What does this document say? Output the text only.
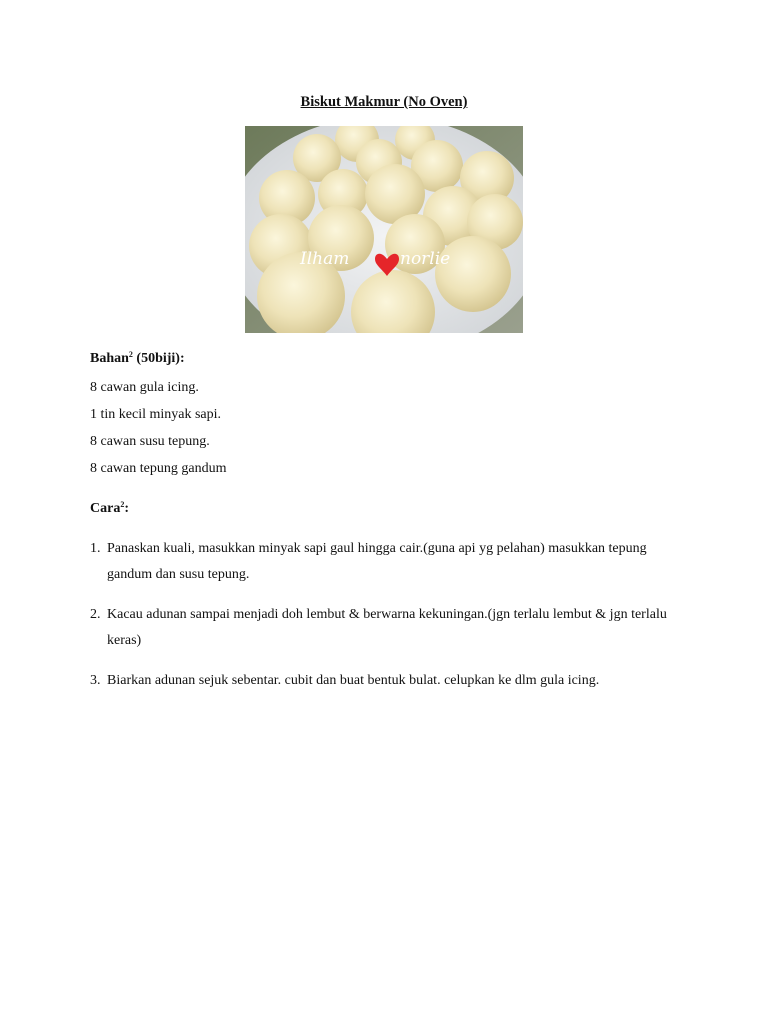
Biskut Makmur (No Oven)
Ilham	norlie
Bahan$^2$ (50biji):
8 cawan gula icing.
1 tin kecil minyak sapi.
8 cawan susu tepung.
8 cawan tepung gandum
Cara$^2$:
1. Panaskan kuali, masukkan minyak sapi gaul hingga cair.(guna api yg pelahan) masukkan tepung gandum dan susu tepung.
2. Kacau adunan sampai menjadi doh lembut & berwarna kekuningan.(jgn terlalu lembut & jgn terlalu keras)
3. Biarkan adunan sejuk sebentar. cubit dan buat bentuk bulat. celupkan ke dlm gula icing.
